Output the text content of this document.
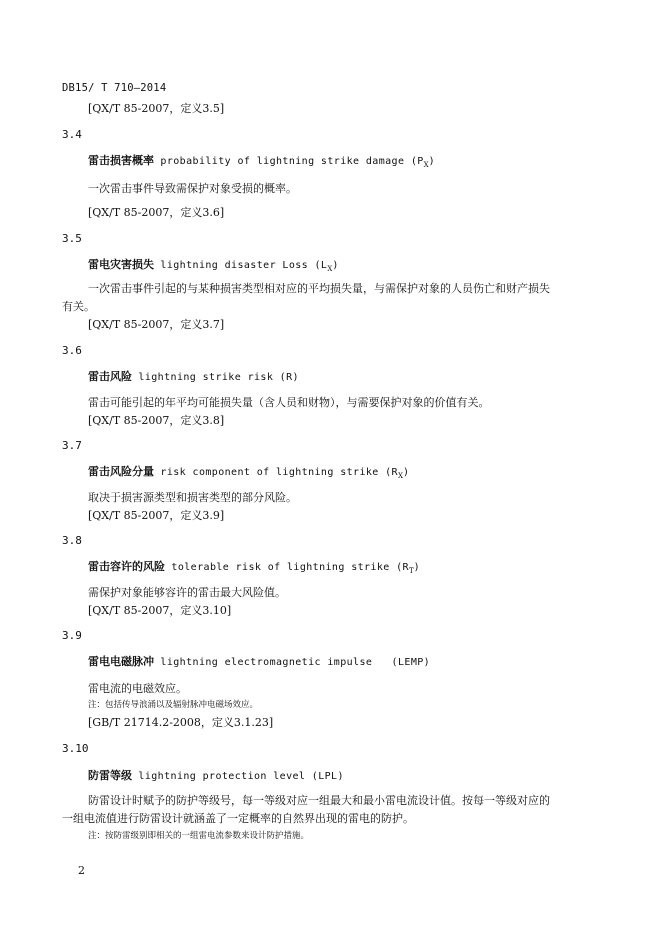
DB15/ T 710—2014
[QX/T 85-2007，定义3.5]
3.4
雷击损害概率 probability of lightning strike damage $(P_X)$
一次雷击事件导致需保护对象受损的概率。
[QX/T 85-2007，定义3.6]
3.5
雷电灾害损失 lightning disaster Loss $(L_X)$
一次雷击事件引起的与某种损害类型相对应的平均损失量，与需保护对象的人员伤亡和财产损失
有关。
[QX/T 85-2007，定义3.7]
3.6
雷击风险 lightning strike risk (R)
雷击可能引起的年平均可能损失量（含人员和财物），与需要保护对象的价值有关。
[QX/T 85-2007，定义3.8]
3.7
雷击风险分量 risk component of lightning strike $(R_X)$
取决于损害源类型和损害类型的部分风险。
[QX/T 85-2007，定义3.9]
3.8
雷击容许的风险 tolerable risk of lightning strike $(R_T)$
需保护对象能够容许的雷击最大风险值。
[QX/T 85-2007，定义3.10]
3.9
雷电电磁脉冲 lightning electromagnetic impulse   (LEMP)
雷电流的电磁效应。
注：包括传导浪涌以及辐射脉冲电磁场效应。
[GB/T 21714.2-2008，定义3.1.23]
3.10
防雷等级 lightning protection level (LPL)
防雷设计时赋予的防护等级号，每一等级对应一组最大和最小雷电流设计值。按每一等级对应的
一组电流值进行防雷设计就涵盖了一定概率的自然界出现的雷电的防护。
注：按防雷级别即相关的一组雷电流参数来设计防护措施。
2
